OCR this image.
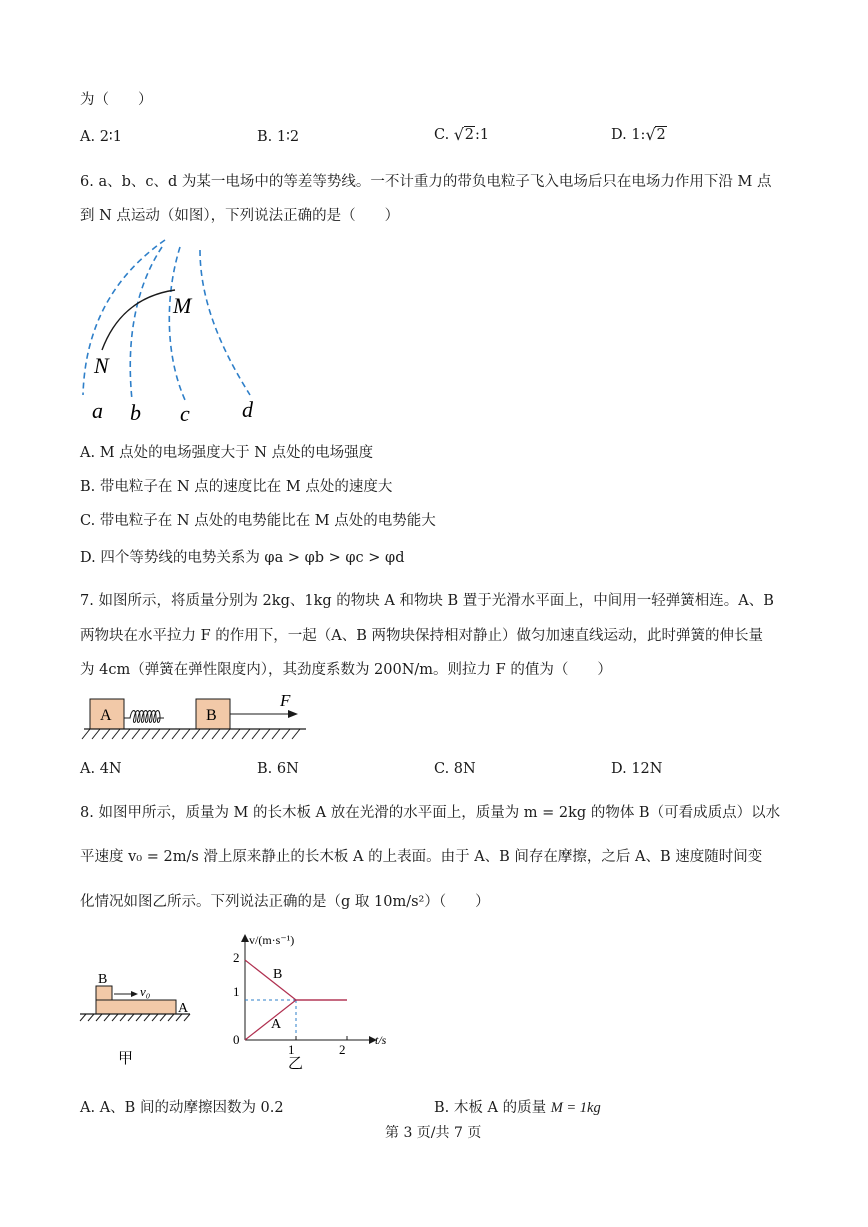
为（　　）
A. 2∶1	B. 1∶2	C. √ 2:1	D. 1: √ 2
6. a、b、c、d 为某一电场中的等差等势线。一不计重力的带负电粒子飞入电场后只在电场力作用下沿 M 点
到 N 点运动（如图），下列说法正确的是（　　）
M
N
a b c d
A. M 点处的电场强度大于 N 点处的电场强度
B. 带电粒子在 N 点的速度比在 M 点处的速度大
C. 带电粒子在 N 点处的电势能比在 M 点处的电势能大
D. 四个等势线的电势关系为 φa > φb > φc > φd
7. 如图所示，将质量分别为 2kg、1kg 的物块 A 和物块 B 置于光滑水平面上，中间用一轻弹簧相连。A、B
两物块在水平拉力 F 的作用下，一起（A、B 两物块保持相对静止）做匀加速直线运动，此时弹簧的伸长量
为 4cm（弹簧在弹性限度内），其劲度系数为 200N/m。则拉力 F 的值为（　　）
A	B
F
A. 4N	B. 6N	C. 8N	D. 12N
8. 如图甲所示，质量为 M 的长木板 A 放在光滑的水平面上，质量为 m = 2kg 的物体 B（可看成质点）以水
平速度 v₀ = 2m/s 滑上原来静止的长木板 A 的上表面。由于 A、B 间存在摩擦，之后 A、B 速度随时间变
化情况如图乙所示。下列说法正确的是（g 取 10m/s²）（　　）
B
A
v₀
甲
v/(m·s⁻¹)
t/s
2
1
0
1	2
B
A
乙
A. A、B 间的动摩擦因数为 0.2	B. 木板 A 的质量 M = 1kg
第 3 页/共 7 页
